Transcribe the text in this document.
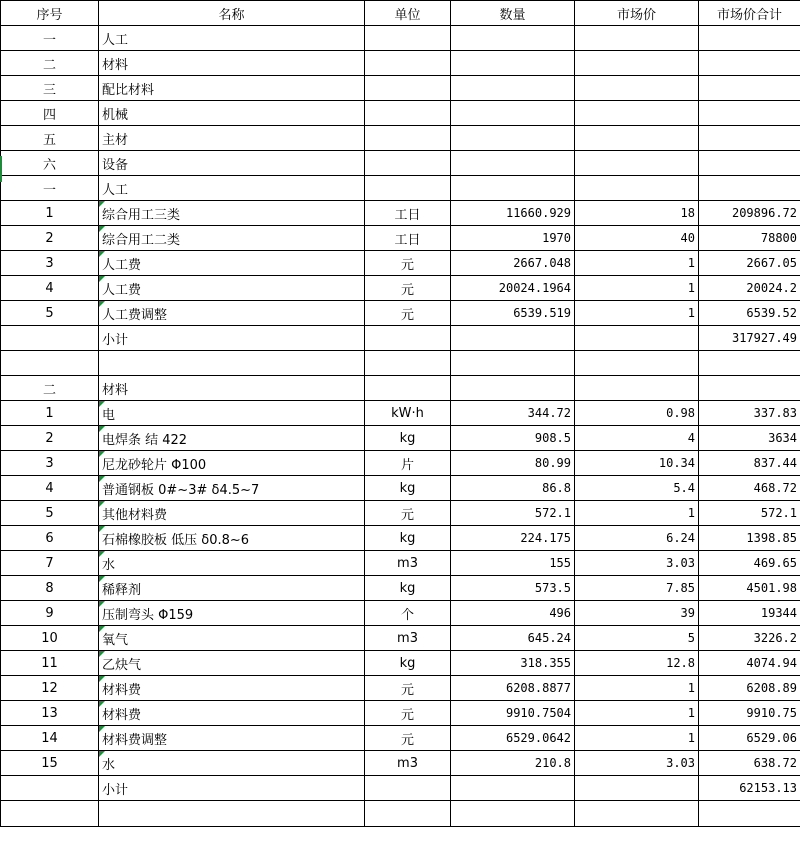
序号	名称	单位	数量	市场价	市场价合计
一	人工				
二	材料				
三	配比材料				
四	机械				
五	主材				
六	设备				
一	人工				
1	综合用工三类	工日	11660.929	18	209896.72
2	综合用工二类	工日	1970	40	78800
3	人工费	元	2667.048	1	2667.05
4	人工费	元	20024.1964	1	20024.2
5	人工费调整	元	6539.519	1	6539.52
	小计				317927.49

二	材料				
1	电	kW·h	344.72	0.98	337.83
2	电焊条 结 422	kg	908.5	4	3634
3	尼龙砂轮片 Φ100	片	80.99	10.34	837.44
4	普通钢板 0#~3# δ4.5~7	kg	86.8	5.4	468.72
5	其他材料费	元	572.1	1	572.1
6	石棉橡胶板 低压 δ0.8~6	kg	224.175	6.24	1398.85
7	水	m3	155	3.03	469.65
8	稀释剂	kg	573.5	7.85	4501.98
9	压制弯头 Φ159	个	496	39	19344
10	氧气	m3	645.24	5	3226.2
11	乙炔气	kg	318.355	12.8	4074.94
12	材料费	元	6208.8877	1	6208.89
13	材料费	元	9910.7504	1	9910.75
14	材料费调整	元	6529.0642	1	6529.06
15	水	m3	210.8	3.03	638.72
	小计				62153.13
